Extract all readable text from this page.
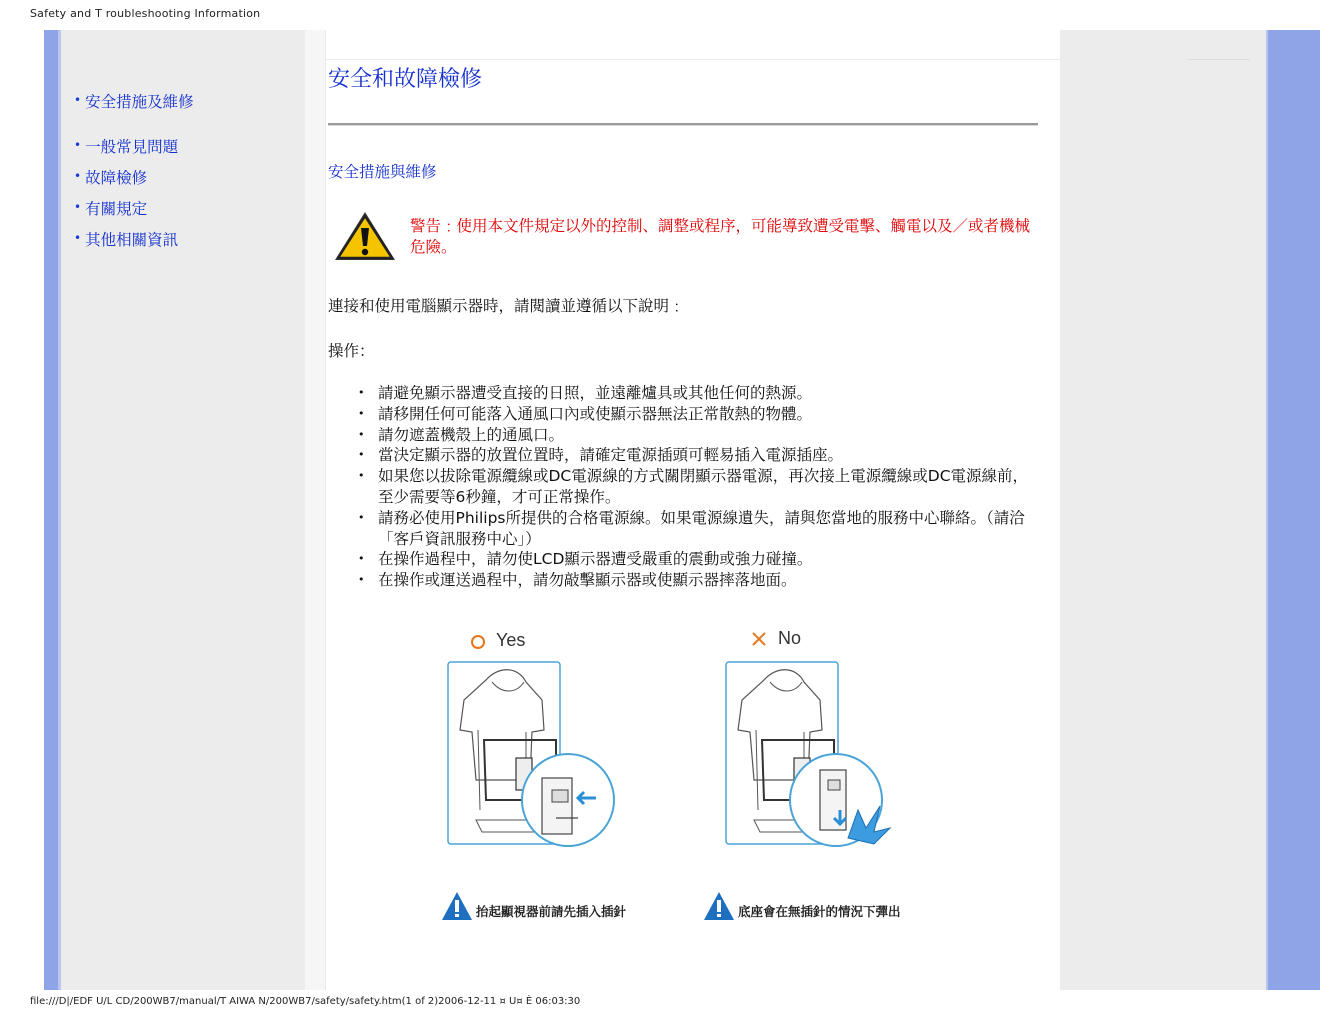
Safety and T roubleshooting Information
• 安全措施及維修
• 一般常見問題
• 故障檢修
• 有關規定
• 其他相關資訊
安全和故障檢修
安全措施與維修
警告﹕使用本文件規定以外的控制、調整或程序，可能導致遭受電擊、觸電以及／或者機械危險。
連接和使用電腦顯示器時，請閱讀並遵循以下說明﹕
操作：
• 請避免顯示器遭受直接的日照，並遠離爐具或其他任何的熱源。
• 請移開任何可能落入通風口內或使顯示器無法正常散熱的物體。
• 請勿遮蓋機殼上的通風口。
• 當決定顯示器的放置位置時，請確定電源插頭可輕易插入電源插座。
• 如果您以拔除電源纜線或DC電源線的方式關閉顯示器電源，再次接上電源纜線或DC電源線前，至少需要等6秒鐘，才可正常操作。
• 請務必使用Philips所提供的合格電源線。如果電源線遺失，請與您當地的服務中心聯絡。（請洽「客戶資訊服務中心」）
• 在操作過程中，請勿使LCD顯示器遭受嚴重的震動或強力碰撞。
• 在操作或運送過程中，請勿敲擊顯示器或使顯示器摔落地面。
Yes	No
抬起顯視器前請先插入插針	底座會在無插針的情況下彈出
file:///D|/EDF U/L CD/200WB7/manual/T AIWA N/200WB7/safety/safety.htm(1 of 2)2006-12-11 ¤ U¤ È 06:03:30
